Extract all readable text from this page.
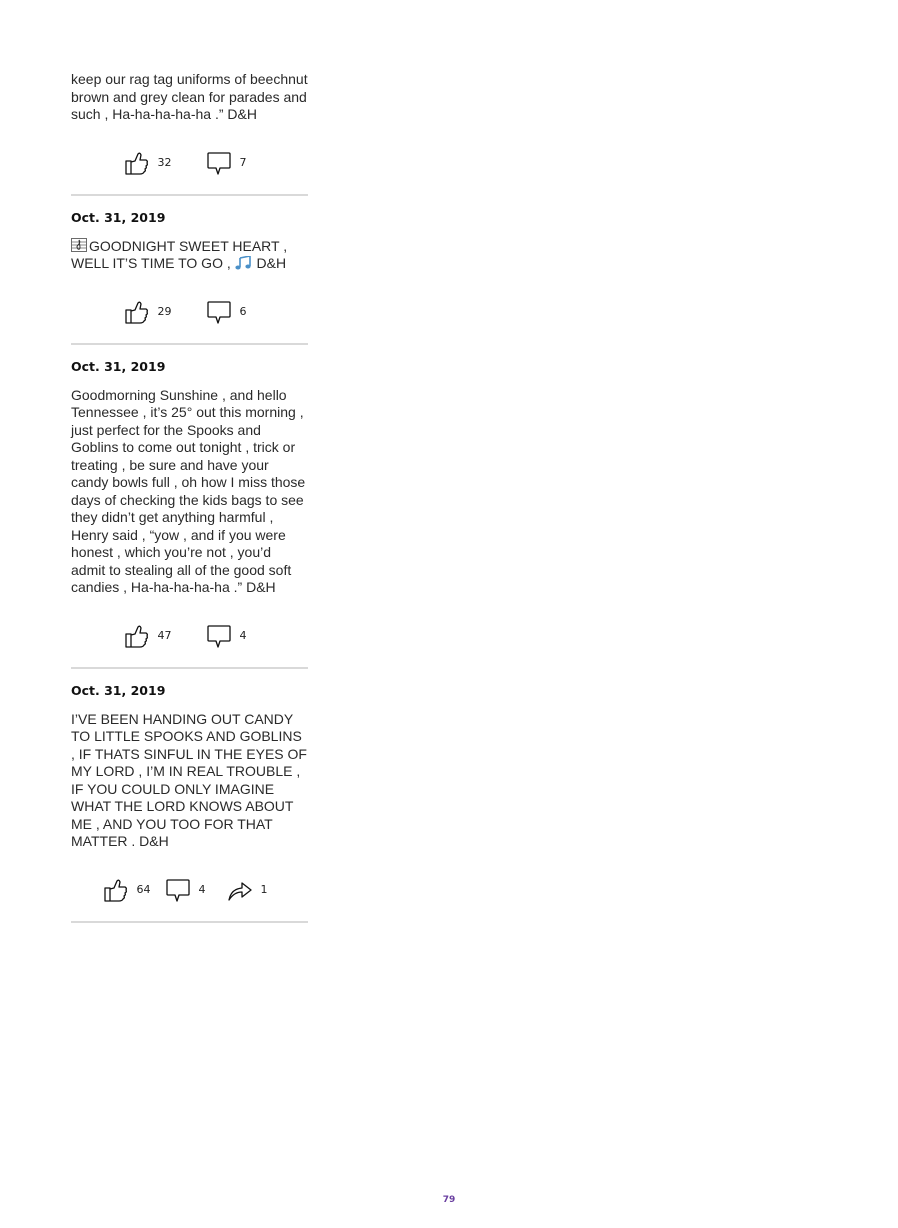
keep our rag tag uniforms of beechnut brown and grey clean for parades and such , Ha-ha-ha-ha-ha .” D&H

32	7

Oct. 31, 2019

GOODNIGHT SWEET HEART , WELL IT’S TIME TO GO , D&H

29	6

Oct. 31, 2019

Goodmorning Sunshine , and hello Tennessee , it’s 25° out this morning , just perfect for the Spooks and Goblins to come out tonight , trick or treating , be sure and have your candy bowls full , oh how I miss those days of checking the kids bags to see they didn’t get anything harmful , Henry said , “yow , and if you were honest , which you’re not , you’d admit to stealing all of the good soft candies , Ha-ha-ha-ha-ha .” D&H

47	4

Oct. 31, 2019

I’VE BEEN HANDING OUT CANDY TO LITTLE SPOOKS AND GOBLINS , IF THATS SINFUL IN THE EYES OF MY LORD , I’M IN REAL TROUBLE , IF YOU COULD ONLY IMAGINE WHAT THE LORD KNOWS ABOUT ME , AND YOU TOO FOR THAT MATTER . D&H

64	4	1
79
